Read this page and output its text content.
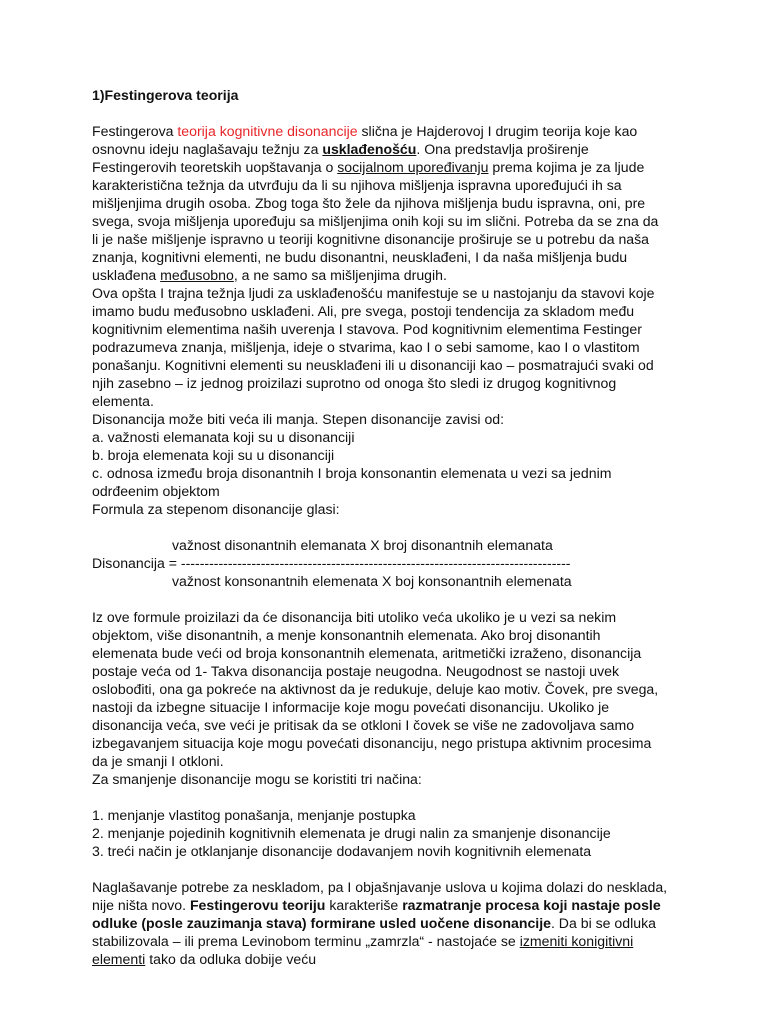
1)Festingerova teorija

Festingerova teorija kognitivne disonancije slična je Hajderovoj I drugim teorija koje kao osnovnu ideju naglašavaju težnju za usklađenošću. Ona predstavlja proširenje Festingerovih teoretskih uopštavanja o socijalnom upoređivanju prema kojima je za ljude karakteristična težnja da utvrđuju da li su njihova mišljenja ispravna upoređujući ih sa mišljenjima drugih osoba. Zbog toga što žele da njihova mišljenja budu ispravna, oni, pre svega, svoja mišljenja upoređuju sa mišljenjima onih koji su im slični. Potreba da se zna da li je naše mišljenje ispravno u teoriji kognitivne disonancije proširuje se u potrebu da naša znanja, kognitivni elementi, ne budu disonantni, neusklađeni, I da naša mišljenja budu usklađena međusobno, a ne samo sa mišljenjima drugih.

Ova opšta I trajna težnja ljudi za usklađenošću manifestuje se u nastojanju da stavovi koje imamo budu međusobno usklađeni. Ali, pre svega, postoji tendencija za skladom među kognitivnim elementima naših uverenja I stavova. Pod kognitivnim elementima Festinger podrazumeva znanja, mišljenja, ideje o stvarima, kao I o sebi samome, kao I o vlastitom ponašanju. Kognitivni elementi su neusklađeni ili u disonanciji kao – posmatrajući svaki od njih zasebno – iz jednog proizilazi suprotno od onoga što sledi iz drugog kognitivnog elementa.

Disonancija može biti veća ili manja. Stepen disonancije zavisi od:

a. važnosti elemanata koji su u disonanciji

b. broja elemenata koji su u disonanciji

c. odnosa između broja disonantnih I broja konsonantin elemenata u vezi sa jednim odrđeenim objektom

Formula za stepenom disonancije glasi:

važnost disonantnih elemanata X broj disonantnih elemanata

Disonancija = -----------------------------------------------------------------------------------

važnost konsonantnih elemenata X boj konsonantnih elemenata

Iz ove formule proizilazi da će disonancija biti utoliko veća ukoliko je u vezi sa nekim objektom, više disonantnih, a menje konsonantnih elemenata. Ako broj disonantih elemenata bude veći od broja konsonantnih elemenata, aritmetički izraženo, disonancija postaje veća od 1- Takva disonancija postaje neugodna. Neugodnost se nastoji uvek oslobođiti, ona ga pokreće na aktivnost da je redukuje, deluje kao motiv. Čovek, pre svega, nastoji da izbegne situacije I informacije koje mogu povećati disonanciju. Ukoliko je disonancija veća, sve veći je pritisak da se otkloni I čovek se više ne zadovoljava samo izbegavanjem situacija koje mogu povećati disonanciju, nego pristupa aktivnim procesima da je smanji I otkloni.

Za smanjenje disonancije mogu se koristiti tri načina:

1. menjanje vlastitog ponašanja, menjanje postupka

2. menjanje pojedinih kognitivnih elemenata je drugi nalin za smanjenje disonancije

3. treći način je otklanjanje disonancije dodavanjem novih kognitivnih elemenata

Naglašavanje potrebe za neskladom, pa I objašnjavanje uslova u kojima dolazi do nesklada, nije ništa novo. Festingerovu teoriju karakteriše razmatranje procesa koji nastaje posle odluke (posle zauzimanja stava) formirane usled uočene disonancije. Da bi se odluka stabilizovala – ili prema Levinobom terminu „zamrzla“ - nastojaće se izmeniti konigitivni elementi tako da odluka dobije veću
